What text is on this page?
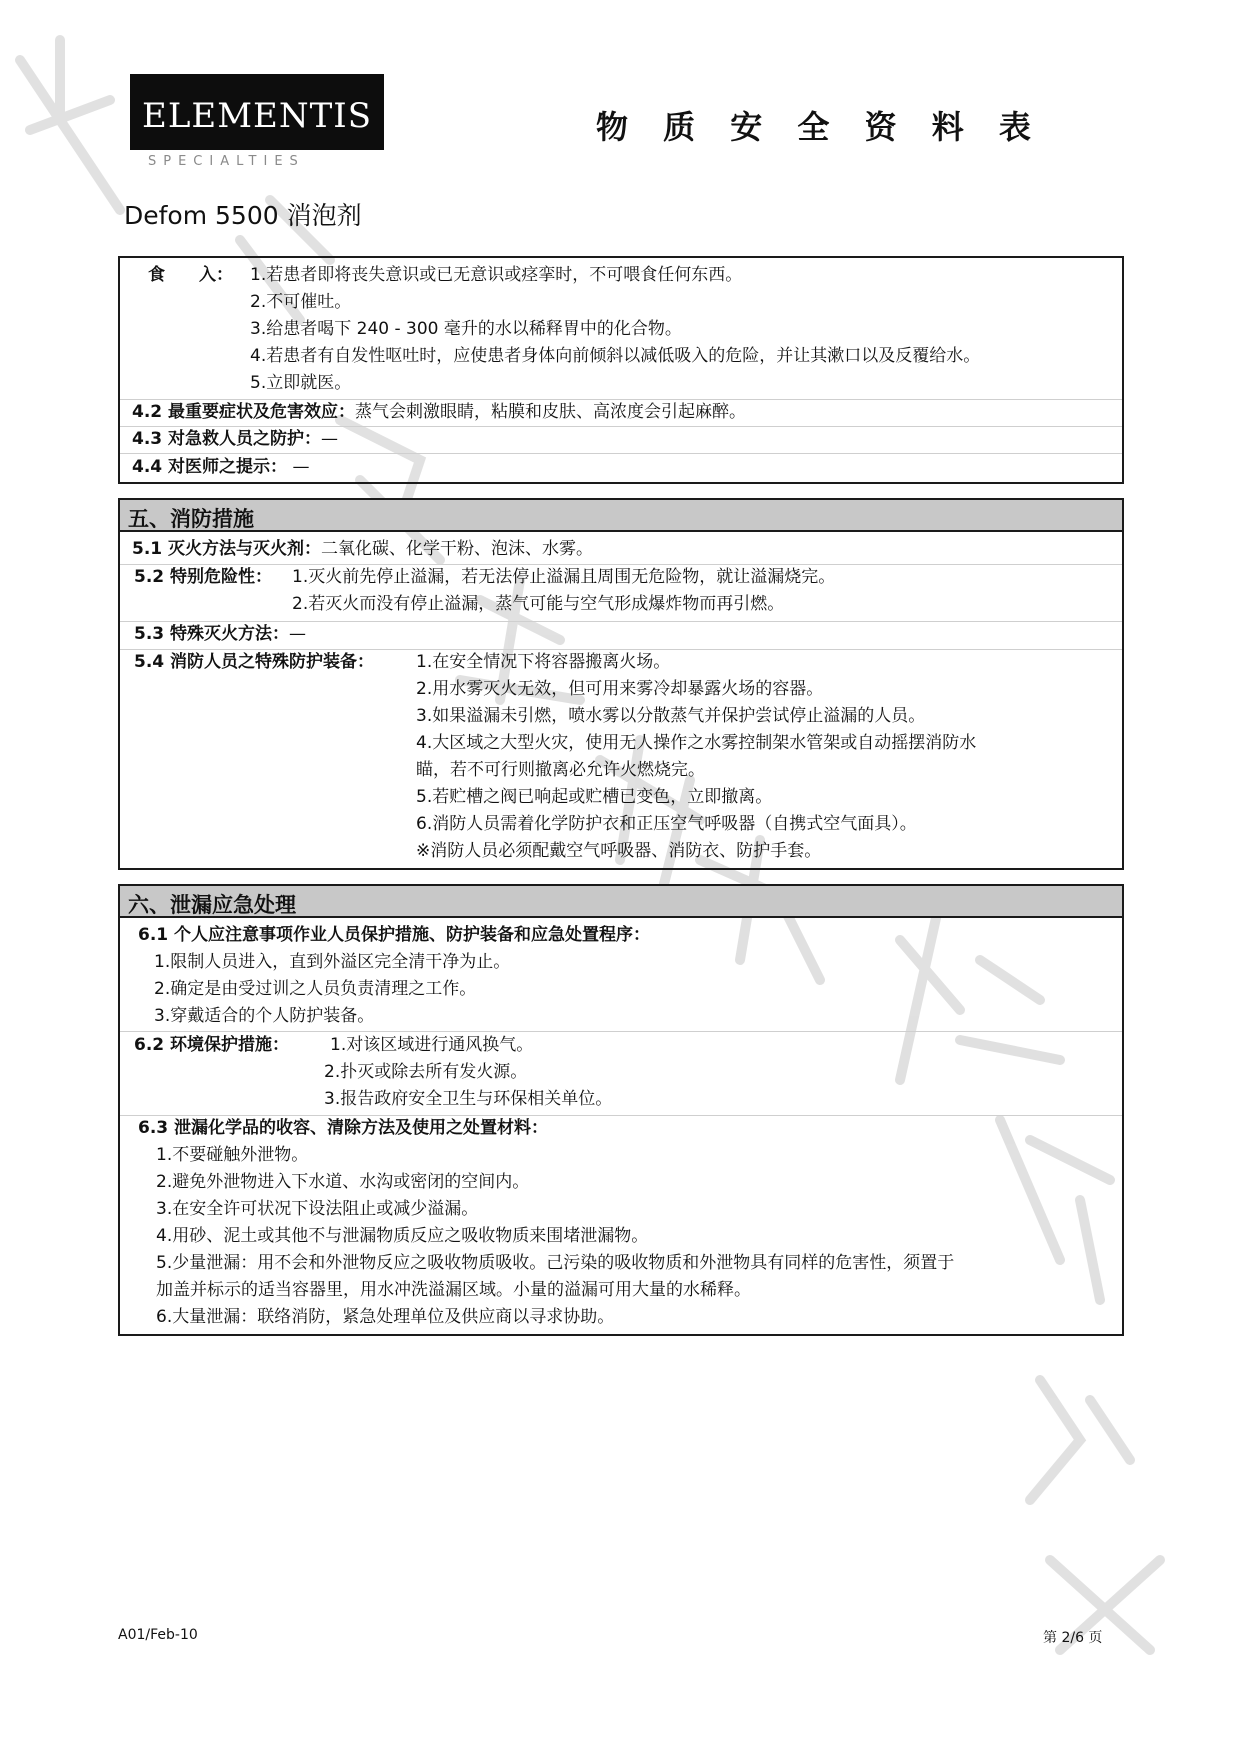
ELEMENTIS
SPECIALTIES
物 质 安 全 资 料 表
Defom 5500 消泡剂
食　　入： 1.若患者即将丧失意识或已无意识或痉挛时，不可喂食任何东西。
2.不可催吐。
3.给患者喝下 240 - 300 毫升的水以稀释胃中的化合物。
4.若患者有自发性呕吐时，应使患者身体向前倾斜以减低吸入的危险，并让其漱口以及反覆给水。
5.立即就医。
4.2 最重要症状及危害效应：蒸气会刺激眼睛，粘膜和皮肤、高浓度会引起麻醉。
4.3 对急救人员之防护：—
4.4 对医师之提示： —
五、消防措施
5.1 灭火方法与灭火剂：二氧化碳、化学干粉、泡沫、水雾。
5.2 特别危险性： 1.灭火前先停止溢漏，若无法停止溢漏且周围无危险物，就让溢漏烧完。
2.若灭火而没有停止溢漏，蒸气可能与空气形成爆炸物而再引燃。
5.3 特殊灭火方法：—
5.4 消防人员之特殊防护装备： 1.在安全情况下将容器搬离火场。
2.用水雾灭火无效，但可用来雾冷却暴露火场的容器。
3.如果溢漏未引燃，喷水雾以分散蒸气并保护尝试停止溢漏的人员。
4.大区域之大型火灾，使用无人操作之水雾控制架水管架或自动摇摆消防水
瞄，若不可行则撤离必允许火燃烧完。
5.若贮槽之阀已响起或贮槽已变色，立即撤离。
6.消防人员需着化学防护衣和正压空气呼吸器（自携式空气面具）。
※消防人员必须配戴空气呼吸器、消防衣、防护手套。
六、泄漏应急处理
6.1 个人应注意事项作业人员保护措施、防护装备和应急处置程序：
1.限制人员进入，直到外溢区完全清干净为止。
2.确定是由受过训之人员负责清理之工作。
3.穿戴适合的个人防护装备。
6.2 环境保护措施： 1.对该区域进行通风换气。
2.扑灭或除去所有发火源。
3.报告政府安全卫生与环保相关单位。
6.3 泄漏化学品的收容、清除方法及使用之处置材料：
1.不要碰触外泄物。
2.避免外泄物进入下水道、水沟或密闭的空间内。
3.在安全许可状况下设法阻止或减少溢漏。
4.用砂、泥土或其他不与泄漏物质反应之吸收物质来围堵泄漏物。
5.少量泄漏：用不会和外泄物反应之吸收物质吸收。己污染的吸收物质和外泄物具有同样的危害性，须置于
加盖并标示的适当容器里，用水冲洗溢漏区域。小量的溢漏可用大量的水稀释。
6.大量泄漏：联络消防，紧急处理单位及供应商以寻求协助。
A01/Feb-10	第 2/6 页
